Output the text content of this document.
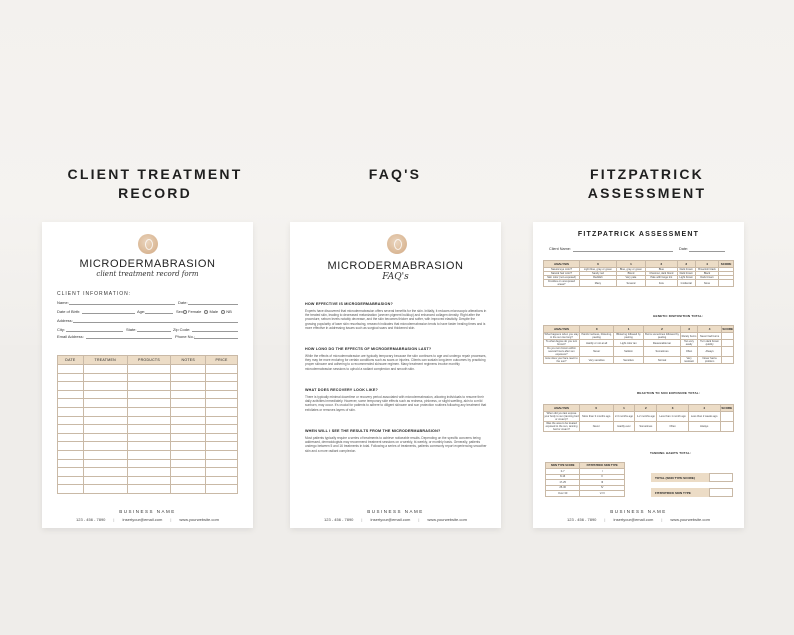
CLIENT TREATMENT RECORD
FAQ'S	FITZPATRICK ASSESSMENT
MICRODERMABRASION
client treatment record form
CLIENT INFORMATION:
Name:	Date:
Date of Birth:	Age:	Sex: Female Male NB
Address:
City:	State:	Zip Code:
Email Address:	Phone No.:
DATE	TREATMEN	PRODUCTS	NOTES	PRICE

BUSINESS NAME
123 - 456 - 7890 | insertyour@email.com | www.yourwebsite.com
MICRODERMABRASION
FAQ's
HOW EFFECTIVE IS MICRODERMABRASION?
Experts have discovered that microdermabrasion offers several benefits for the skin. Initially, it reduces microscopic alterations in the treated skin, leading to decreased melanization (uneven pigment buildup) and enhanced collagen density. Right after the procedure, sebum levels notably decrease, and the skin becomes thicker and softer, with improved elasticity. Despite the growing popularity of laser skin resurfacing, research indicates that microdermabrasion tends to have faster healing times and is more effective in addressing issues such as surgical scars and thickened skin.
HOW LONG DO THE EFFECTS OF MICRODERMABRASION LAST?
While the effects of microdermabrasion are typically temporary because the skin continues to age and undergo repair processes, they may be more enduring for certain conditions such as scars or injuries. Clients can sustain long-term outcomes by practicing proper skincare and adhering to a recommended skincare regimen. Many treatment regimens involve monthly microdermabrasion sessions to uphold a radiant complexion and smooth skin.
WHAT DOES RECOVERY LOOK LIKE?
There is typically minimal downtime or recovery period associated with microdermabrasion, allowing individuals to resume their daily activities immediately. However, some temporary side effects such as redness, pinkness, or slight swelling, akin to a mild sunburn, may occur. It's crucial for patients to adhere to diligent skincare and sun protection routines following any treatment that exfoliates or removes layers of skin.
WHEN WILL I SEE THE RESULTS FROM THE MICRODERMABRASION?
Most patients typically require a series of treatments to achieve noticeable results. Depending on the specific concerns being addressed, dermatologists may recommend treatment sessions on a weekly, bi-weekly, or monthly basis. Generally, patients undergo between 5 and 16 treatments in total. Following a series of treatments, patients commonly report experiencing smoother skin and a more radiant complexion.
BUSINESS NAME
123 - 456 - 7890 | insertyour@email.com | www.yourwebsite.com
FITZPATRICK ASSESSMENT
Client Name:	Date:
ANALYSIS	0	1	2	3	4	SCORE
Natural eye color?	Light blue, gray or green	Blue, gray or green	Blue	Dark brown	Brownish black	
Natural hair color?	Sandy red	Blond	Chestnut, dark blond	Dark brown	Black	
Skin color (non-exposed)	Reddish	Very pale	Pale with beige tint	Light brown	Dark brown	
Freckles on unexposed areas?	Many	Several	Few	Incidental	None	
GENETIC DISPOSITION TOTAL:
ANALYSIS	0	1	2	3	4	SCORE
What happens when you stay in the sun too long?	Painful redness, blistering, peeling	Blistering followed by peeling	Burns sometimes followed by peeling	Rarely burns	Never had burns	
To what degree do you turn brown?	Hardly or not at all	Light color tan	Reasonable tan	Tan very easily	Turn dark brown quickly	
Do you turn brown within several hours after sun exposure?	Never	Seldom	Sometimes	Often	Always	
How does your face react to the sun?	Very sensitive	Sensitive	Normal	Very resistant	Never had a problem	
REACTION TO SUN EXPOSURE TOTAL:
ANALYSIS	0	1	2	3	4	SCORE
When did you last expose your body to sun (tanning bed or cream)?	More than 3 months ago	2-3 months ago	1-2 months ago	Less than 1 month ago	Less than 2 weeks ago	
Was the area to be treated exposed to the sun, tanning bed or cream?	Never	Hardly ever	Sometimes	Often	Always	
TANNING HABITS TOTAL:
SKIN TYPE SCORE	FITZPATRICK SKIN TYPE
0-7	I
8-16	II
17-25	III
25-30	IV
Over 30	V-VI
TOTAL (SKIN TYPE SCORE)
FITZPATRICK SKIN TYPE
BUSINESS NAME
123 - 456 - 7890 | insertyour@email.com | www.yourwebsite.com
